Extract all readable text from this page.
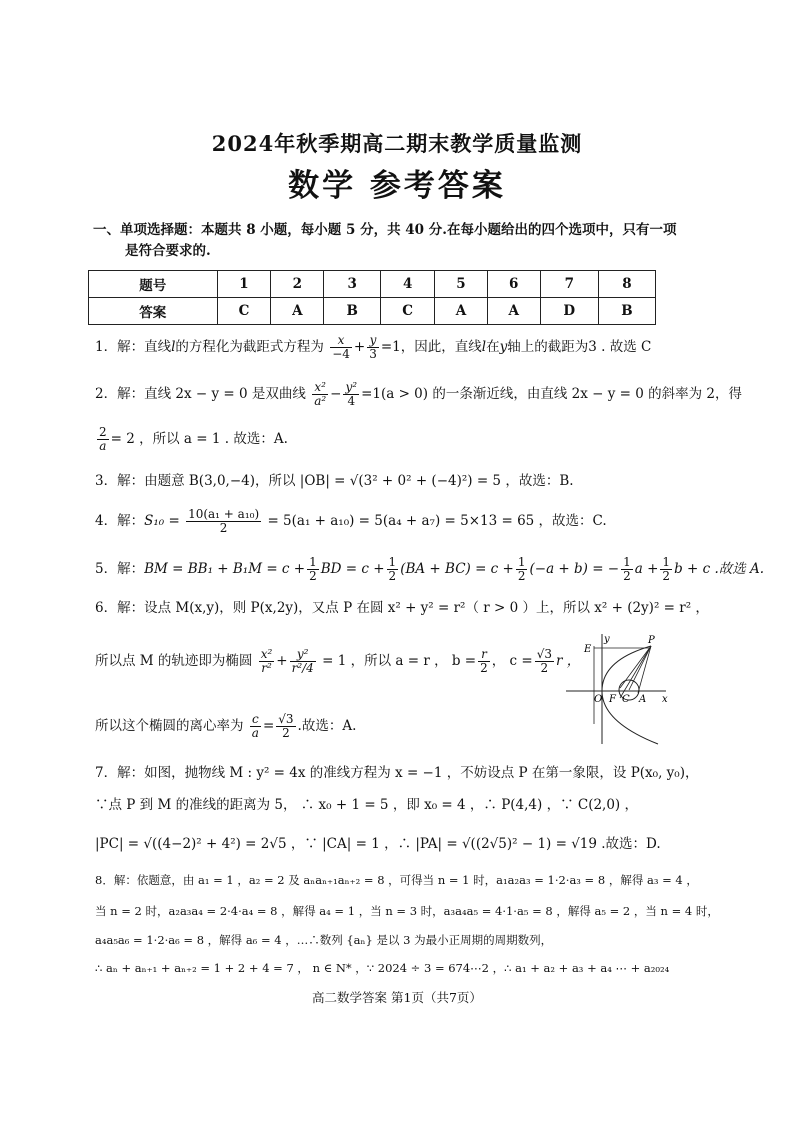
2024年秋季期高二期末教学质量监测
数学 参考答案
一、单项选择题：本题共 8 小题，每小题 5 分，共 40 分.在每小题给出的四个选项中，只有一项
是符合要求的.
题号	1	2	3	4	5	6	7	8
答案	C	A	B	C	A	A	D	B
1．解：直线l的方程化为截距式方程为 $\frac{x}{-4} + \frac{y}{3} =1$，因此，直线l在y轴上的截距为3 . 故选 C
2．解：直线 2x − y = 0 是双曲线 $\frac{\text{x²}}{\text{a²}} - \frac{\text{y²}}{4} =1(a > 0)$ 的一条渐近线，由直线 2x − y = 0 的斜率为 2，得
$\frac{2}{a} = 2$ ，所以 a = 1 . 故选：A.
3．解：由题意 B(3,0,−4)，所以 |OB| = √(3² + 0² + (−4)²) = 5 ，故选：B.
4．解：$S_{10} = \frac{\text{10(a₁ + a₁₀)}}{2} = 5(a_1 + a_{10}) = 5(a_4 + a_7) = 5\times 13 = 65$ ，故选：C.
5．解：BM = $BB_1 + B_1M = c + \frac{1}{2}$ BD = $c + \frac{1}{2} (BA + BC) = c + \frac{1}{2} (-a + b)$ = − $\frac{1}{2}$ $a + \frac{1}{2}$ b + c .故选 A.
6．解：设点 M(x,y)，则 P(x,2y)，又点 P 在圆 x² + y² = r²（ r > 0 ）上，所以 x² + (2y)² = r² ，
所以点 M 的轨迹即为椭圆 $\frac{\text{x²}}{\text{r²}} + \frac{\text{y²}}{\text{r²/4}} = 1$ ，所以 a = r ， $b = \frac{r}{2}$ ， $c = \frac{√3}{2}$ r ，
所以这个椭圆的离心率为 $\frac{c}{a} = \frac{√3}{2}$ .故选：A.
y	P
E
O F C A x
7．解：如图，抛物线 M : y² = 4x 的准线方程为 x = −1 ，不妨设点 P 在第一象限，设 P(x₀, y₀)，
∵点 P 到 M 的准线的距离为 5， ∴ x₀ + 1 = 5 ，即 x₀ = 4 ，∴ P(4,4) ，∵ C(2,0) ，
|PC| = √((4−2)² + 4²) = 2√5 ，∵ |CA| = 1 ，∴ |PA| = √((2√5)² − 1) = √19 .故选：D.
8．解：依题意，由 a₁ = 1 ，a₂ = 2 及 aₙaₙ₊₁aₙ₊₂ = 8 ，可得当 n = 1 时，a₁a₂a₃ = 1·2·a₃ = 8 ，解得 a₃ = 4 ，
当 n = 2 时，a₂a₃a₄ = 2·4·a₄ = 8 ，解得 a₄ = 1 ，当 n = 3 时，a₃a₄a₅ = 4·1·a₅ = 8 ，解得 a₅ = 2 ，当 n = 4 时，
a₄a₅a₆ = 1·2·a₆ = 8 ，解得 a₆ = 4 ，…∴数列 {aₙ} 是以 3 为最小正周期的周期数列，
∴ aₙ + aₙ₊₁ + aₙ₊₂ = 1 + 2 + 4 = 7 ， n ∈ N* ，∵ 2024 ÷ 3 = 674⋯2 ，∴ a₁ + a₂ + a₃ + a₄ ⋯ + a₂₀₂₄
高二数学答案 第1页（共7页）
